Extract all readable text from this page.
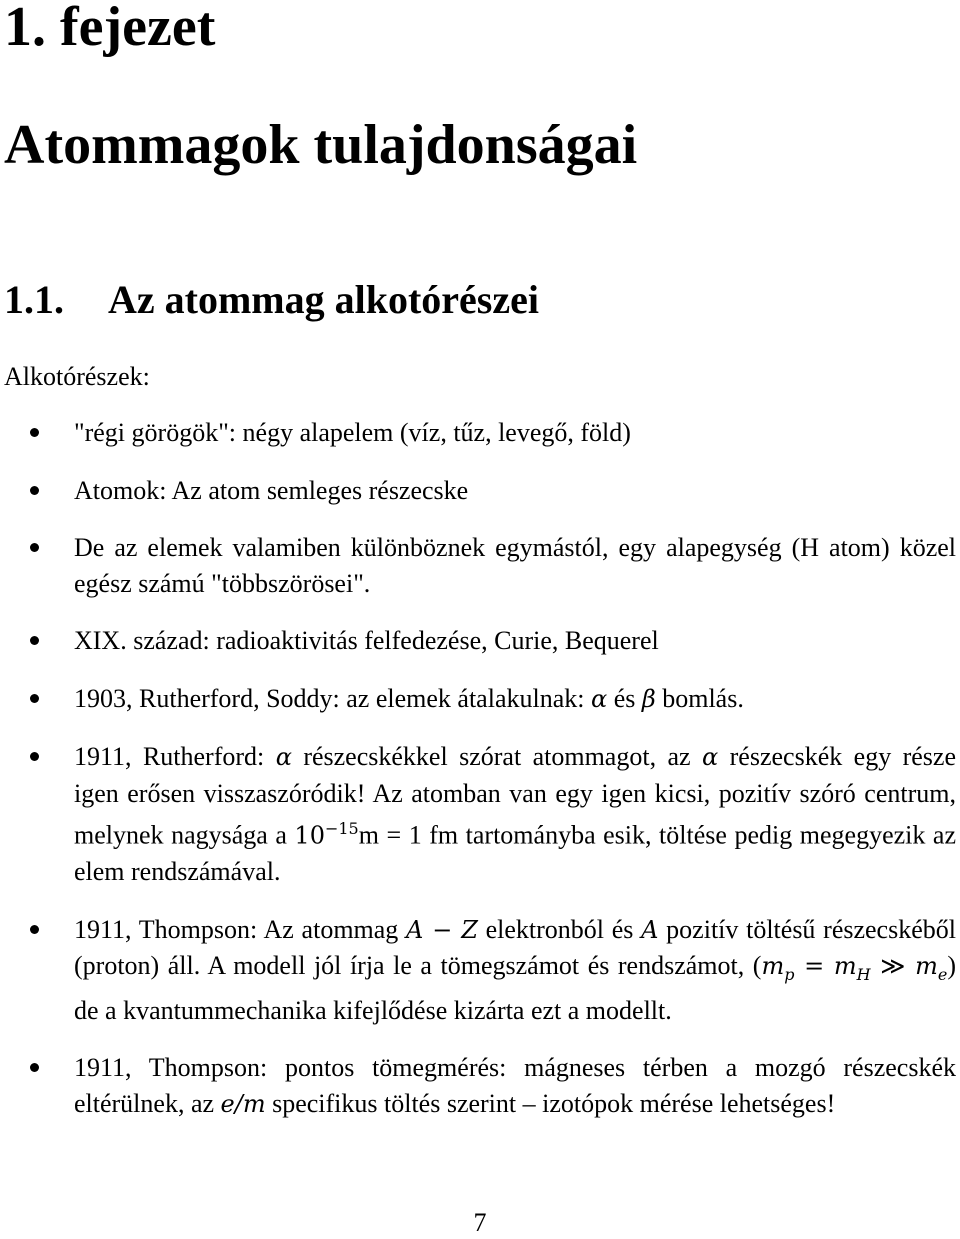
1. fejezet
Atommagok tulajdonságai
1.1. Az atommag alkotórészei

Alkotórészek:

"régi görögök": négy alapelem (víz, tűz, levegő, föld)
Atomok: Az atom semleges részecske
De az elemek valamiben különböznek egymástól, egy alapegység (H atom) közel egész számú "többszörösei".
XIX. század: radioaktivitás felfedezése, Curie, Bequerel
1903, Rutherford, Soddy: az elemek átalakulnak: α és β bomlás.
1911, Rutherford: α részecskékkel szórat atommagot, az α részecskék egy része igen erősen visszaszóródik! Az atomban van egy igen kicsi, pozitív szóró centrum, melynek nagysága a $10^{-15}m = 1$ fm tartományba esik, töltése pedig megegyezik az elem rendszámával.
1911, Thompson: Az atommag A − Z elektronból és A pozitív töltésű részecskéből (proton) áll. A modell jól írja le a tömegszámot és rendszámot, ($m_p = m_H$ ≫ $m_e$) de a kvantummechanika kifejlődése kizárta ezt a modellt.
1911, Thompson: pontos tömegmérés: mágneses térben a mozgó részecskék eltérülnek, az e/m specifikus töltés szerint – izotópok mérése lehetséges!
7
